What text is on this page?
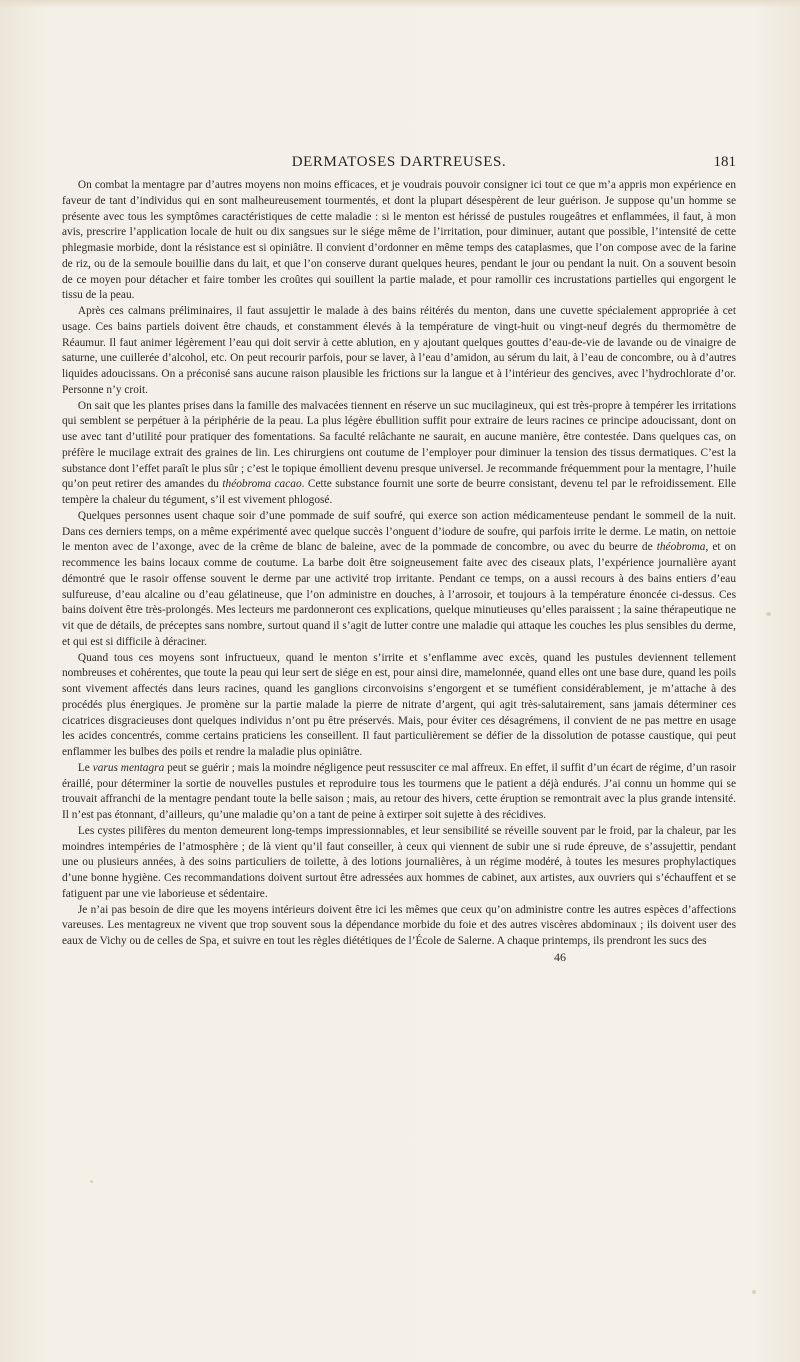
DERMATOSES DARTREUSES.	181

On combat la mentagre par d’autres moyens non moins efficaces, et je voudrais pouvoir consigner ici tout ce que m’a appris mon expérience en faveur de tant d’individus qui en sont malheureusement tourmentés, et dont la plupart désespèrent de leur guérison. Je suppose qu’un homme se présente avec tous les symptômes caractéristiques de cette maladie : si le menton est hérissé de pustules rougeâtres et enflammées, il faut, à mon avis, prescrire l’application locale de huit ou dix sangsues sur le siége même de l’irritation, pour diminuer, autant que possible, l’intensité de cette phlegmasie morbide, dont la résistance est si opiniâtre. Il convient d’ordonner en même temps des cataplasmes, que l’on compose avec de la farine de riz, ou de la semoule bouillie dans du lait, et que l’on conserve durant quelques heures, pendant le jour ou pendant la nuit. On a souvent besoin de ce moyen pour détacher et faire tomber les croûtes qui souillent la partie malade, et pour ramollir ces incrustations partielles qui engorgent le tissu de la peau.

Après ces calmans préliminaires, il faut assujettir le malade à des bains réitérés du menton, dans une cuvette spécialement appropriée à cet usage. Ces bains partiels doivent être chauds, et constamment élevés à la température de vingt-huit ou vingt-neuf degrés du thermomètre de Réaumur. Il faut animer légèrement l’eau qui doit servir à cette ablution, en y ajoutant quelques gouttes d’eau-de-vie de lavande ou de vinaigre de saturne, une cuillerée d’alcohol, etc. On peut recourir parfois, pour se laver, à l’eau d’amidon, au sérum du lait, à l’eau de concombre, ou à d’autres liquides adoucissans. On a préconisé sans aucune raison plausible les frictions sur la langue et à l’intérieur des gencives, avec l’hydrochlorate d’or. Personne n’y croit.

On sait que les plantes prises dans la famille des malvacées tiennent en réserve un suc mucilagineux, qui est très-propre à tempérer les irritations qui semblent se perpétuer à la périphérie de la peau. La plus légère ébullition suffit pour extraire de leurs racines ce principe adoucissant, dont on use avec tant d’utilité pour pratiquer des fomentations. Sa faculté relâchante ne saurait, en aucune manière, être contestée. Dans quelques cas, on préfère le mucilage extrait des graines de lin. Les chirurgiens ont coutume de l’employer pour diminuer la tension des tissus dermatiques. C’est la substance dont l’effet paraît le plus sûr ; c’est le topique émollient devenu presque universel. Je recommande fréquemment pour la mentagre, l’huile qu’on peut retirer des amandes du théobroma cacao. Cette substance fournit une sorte de beurre consistant, devenu tel par le refroidissement. Elle tempère la chaleur du tégument, s’il est vivement phlogosé.

Quelques personnes usent chaque soir d’une pommade de suif soufré, qui exerce son action médicamenteuse pendant le sommeil de la nuit. Dans ces derniers temps, on a même expérimenté avec quelque succès l’onguent d’iodure de soufre, qui parfois irrite le derme. Le matin, on nettoie le menton avec de l’axonge, avec de la crême de blanc de baleine, avec de la pommade de concombre, ou avec du beurre de théobroma, et on recommence les bains locaux comme de coutume. La barbe doit être soigneusement faite avec des ciseaux plats, l’expérience journalière ayant démontré que le rasoir offense souvent le derme par une activité trop irritante. Pendant ce temps, on a aussi recours à des bains entiers d’eau sulfureuse, d’eau alcaline ou d’eau gélatineuse, que l’on administre en douches, à l’arrosoir, et toujours à la température énoncée ci-dessus. Ces bains doivent être très-prolongés. Mes lecteurs me pardonneront ces explications, quelque minutieuses qu’elles paraissent ; la saine thérapeutique ne vit que de détails, de préceptes sans nombre, surtout quand il s’agit de lutter contre une maladie qui attaque les couches les plus sensibles du derme, et qui est si difficile à déraciner.

Quand tous ces moyens sont infructueux, quand le menton s’irrite et s’enflamme avec excès, quand les pustules deviennent tellement nombreuses et cohérentes, que toute la peau qui leur sert de siége en est, pour ainsi dire, mamelonnée, quand elles ont une base dure, quand les poils sont vivement affectés dans leurs racines, quand les ganglions circonvoisins s’engorgent et se tuméfient considérablement, je m’attache à des procédés plus énergiques. Je promène sur la partie malade la pierre de nitrate d’argent, qui agit très-salutairement, sans jamais déterminer ces cicatrices disgracieuses dont quelques individus n’ont pu être préservés. Mais, pour éviter ces désagrémens, il convient de ne pas mettre en usage les acides concentrés, comme certains praticiens les conseillent. Il faut particulièrement se défier de la dissolution de potasse caustique, qui peut enflammer les bulbes des poils et rendre la maladie plus opiniâtre.

Le varus mentagra peut se guérir ; mais la moindre négligence peut ressusciter ce mal affreux. En effet, il suffit d’un écart de régime, d’un rasoir éraillé, pour déterminer la sortie de nouvelles pustules et reproduire tous les tourmens que le patient a déjà endurés. J’ai connu un homme qui se trouvait affranchi de la mentagre pendant toute la belle saison ; mais, au retour des hivers, cette éruption se remontrait avec la plus grande intensité. Il n’est pas étonnant, d’ailleurs, qu’une maladie qu’on a tant de peine à extirper soit sujette à des récidives.

Les cystes pilifères du menton demeurent long-temps impressionnables, et leur sensibilité se réveille souvent par le froid, par la chaleur, par les moindres intempéries de l’atmosphère ; de là vient qu’il faut conseiller, à ceux qui viennent de subir une si rude épreuve, de s’assujettir, pendant une ou plusieurs années, à des soins particuliers de toilette, à des lotions journalières, à un régime modéré, à toutes les mesures prophylactiques d’une bonne hygiène. Ces recommandations doivent surtout être adressées aux hommes de cabinet, aux artistes, aux ouvriers qui s’échauffent et se fatiguent par une vie laborieuse et sédentaire.

Je n’ai pas besoin de dire que les moyens intérieurs doivent être ici les mêmes que ceux qu’on administre contre les autres espèces d’affections vareuses. Les mentagreux ne vivent que trop souvent sous la dépendance morbide du foie et des autres viscères abdominaux ; ils doivent user des eaux de Vichy ou de celles de Spa, et suivre en tout les règles diététiques de l’École de Salerne. A chaque printemps, ils prendront les sucs des

46
